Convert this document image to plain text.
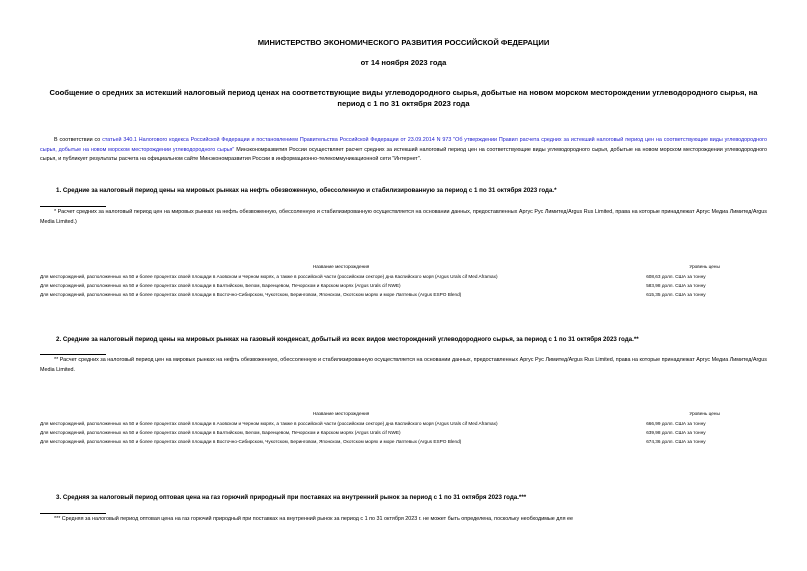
МИНИСТЕРСТВО ЭКОНОМИЧЕСКОГО РАЗВИТИЯ РОССИЙСКОЙ ФЕДЕРАЦИИ
от 14 ноября 2023 года
Сообщение о средних за истекший налоговый период ценах на соответствующие виды углеводородного сырья, добытые на новом морском месторождении углеводородного сырья, на период с 1 по 31 октября 2023 года
В соответствии со статьей 340.1 Налогового кодекса Российской Федерации и постановлением Правительства Российской Федерации от 23.09.2014 N 973 "Об утверждении Правил расчета средних за истекший налоговый период цен на соответствующие виды углеводородного сырья, добытые на новом морском месторождении углеводородного сырья" Минэкономразвития России осуществляет расчет средних за истекший налоговый период цен на соответствующие виды углеводородного сырья, добытые на новом морском месторождении углеводородного сырья, и публикует результаты расчета на официальном сайте Минэкономразвития России в информационно-телекоммуникационной сети "Интернет".
1. Средние за налоговый период цены на мировых рынках на нефть обезвоженную, обессоленную и стабилизированную за период с 1 по 31 октября 2023 года.*
* Расчет средних за налоговый период цен на мировых рынках на нефть обезвоженную, обессоленную и стабилизированную осуществляется на основании данных, предоставленных Аргус Рус Лимитед/Argus Rus Limited, права на которые принадлежат Аргус Медиа Лимитед/Argus Media Limited.)
Название месторождения	Уровень цены
Для месторождений, расположенных на 50 и более процентах своей площади в Азовском и Черном морях, а также в российской части (российском секторе) дна Каспийского моря (Argus Urals cif Med Aframax)	608,63 долл. США за тонну
Для месторождений, расположенных на 50 и более процентах своей площади в Балтийском, Белом, Баренцевом, Печорском и Карском морях (Argus Urals cif NWE)	583,98 долл. США за тонну
Для месторождений, расположенных на 50 и более процентах своей площади в Восточно-Сибирском, Чукотском, Беринговом, Японском, Охотском морях и море Лаптевых (Argus ESPO Blend)	615,35 долл. США за тонну
2. Средние за налоговый период цены на мировых рынках на газовый конденсат, добытый из всех видов месторождений углеводородного сырья, за период с 1 по 31 октября 2023 года.**
** Расчет средних за налоговый период цен на мировых рынках на нефть обезвоженную, обессоленную и стабилизированную осуществляется на основании данных, предоставленных Аргус Рус Лимитед/Argus Rus Limited, права на которые принадлежат Аргус Медиа Лимитед/Argus Media Limited.
Название месторождения	Уровень цены
Для месторождений, расположенных на 50 и более процентах своей площади в Азовском и Черном морях, а также в российской части (российском секторе) дна Каспийского моря (Argus Urals cif Med Aframax)	666,99 долл. США за тонну
Для месторождений, расположенных на 50 и более процентах своей площади в Балтийском, Белом, Баренцевом, Печорском и Карском морях (Argus Urals cif NWE)	639,98 долл. США за тонну
Для месторождений, расположенных на 50 и более процентах своей площади в Восточно-Сибирском, Чукотском, Беринговом, Японском, Охотском морях и море Лаптевых (Argus ESPO Blend)	674,36 долл. США за тонну
3. Средняя за налоговый период оптовая цена на газ горючий природный при поставках на внутренний рынок за период с 1 по 31 октября 2023 года.***
*** Средняя за налоговый период оптовая цена на газ горючий природный при поставках на внутренний рынок за период с 1 по 31 октября 2023 г. не может быть определена, поскольку необходимые для ее
